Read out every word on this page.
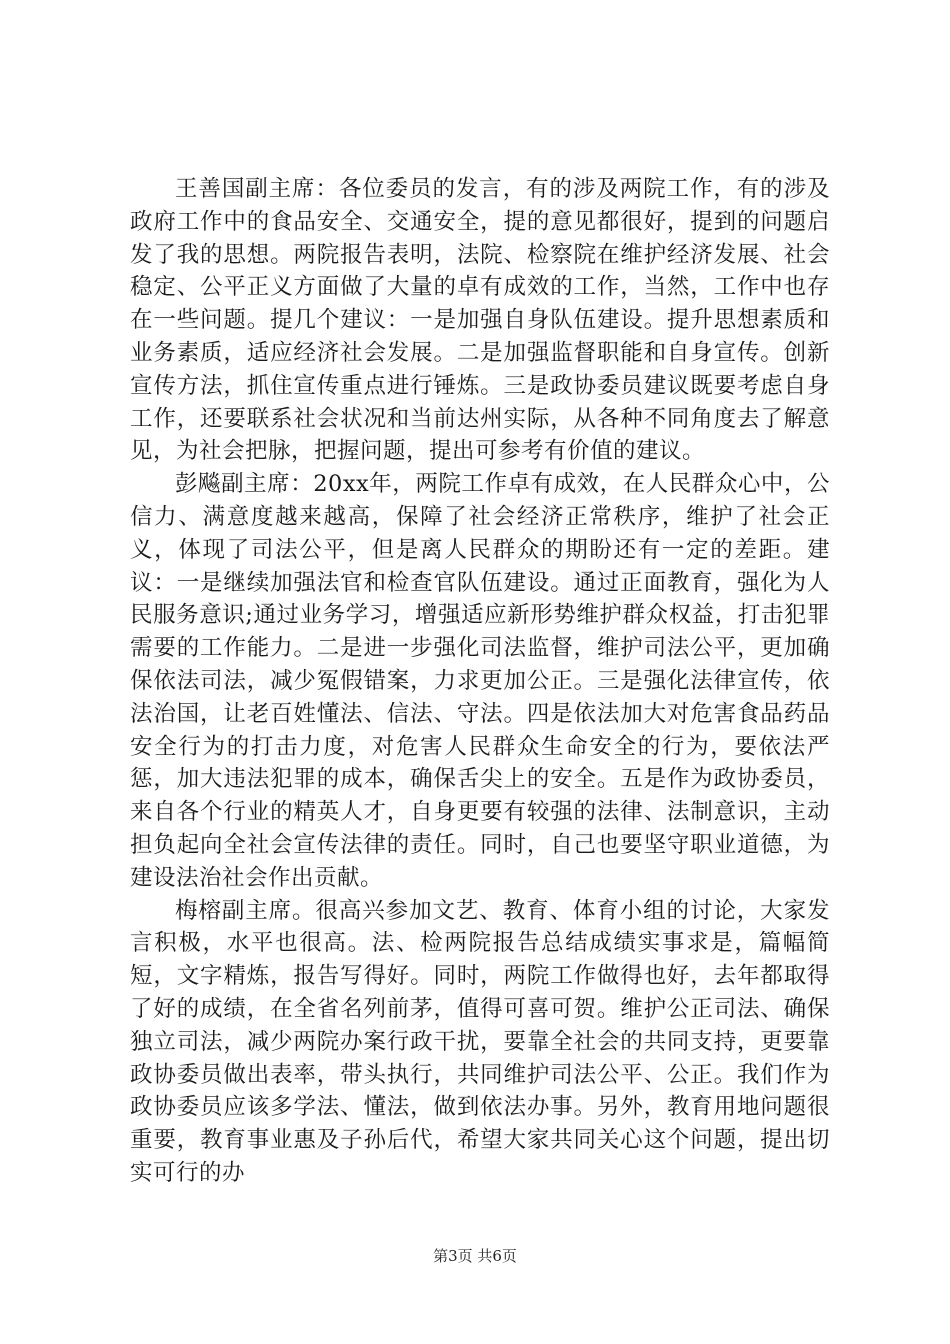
王善国副主席：各位委员的发言，有的涉及两院工作，有的涉及政府工作中的食品安全、交通安全，提的意见都很好，提到的问题启发了我的思想。两院报告表明，法院、检察院在维护经济发展、社会稳定、公平正义方面做了大量的卓有成效的工作，当然，工作中也存在一些问题。提几个建议：一是加强自身队伍建设。提升思想素质和业务素质，适应经济社会发展。二是加强监督职能和自身宣传。创新宣传方法，抓住宣传重点进行锤炼。三是政协委员建议既要考虑自身工作，还要联系社会状况和当前达州实际，从各种不同角度去了解意见，为社会把脉，把握问题，提出可参考有价值的建议。

彭飚副主席：20xx年，两院工作卓有成效，在人民群众心中，公信力、满意度越来越高，保障了社会经济正常秩序，维护了社会正义，体现了司法公平，但是离人民群众的期盼还有一定的差距。建议：一是继续加强法官和检查官队伍建设。通过正面教育，强化为人民服务意识;通过业务学习，增强适应新形势维护群众权益，打击犯罪需要的工作能力。二是进一步强化司法监督，维护司法公平，更加确保依法司法，减少冤假错案，力求更加公正。三是强化法律宣传，依法治国，让老百姓懂法、信法、守法。四是依法加大对危害食品药品安全行为的打击力度，对危害人民群众生命安全的行为，要依法严惩，加大违法犯罪的成本，确保舌尖上的安全。五是作为政协委员，来自各个行业的精英人才，自身更要有较强的法律、法制意识，主动担负起向全社会宣传法律的责任。同时，自己也要坚守职业道德，为建设法治社会作出贡献。

梅榕副主席。很高兴参加文艺、教育、体育小组的讨论，大家发言积极，水平也很高。法、检两院报告总结成绩实事求是，篇幅简短，文字精炼，报告写得好。同时，两院工作做得也好，去年都取得了好的成绩，在全省名列前茅，值得可喜可贺。维护公正司法、确保独立司法，减少两院办案行政干扰，要靠全社会的共同支持，更要靠政协委员做出表率，带头执行，共同维护司法公平、公正。我们作为政协委员应该多学法、懂法，做到依法办事。另外，教育用地问题很重要，教育事业惠及子孙后代，希望大家共同关心这个问题，提出切实可行的办

第3页 共6页
